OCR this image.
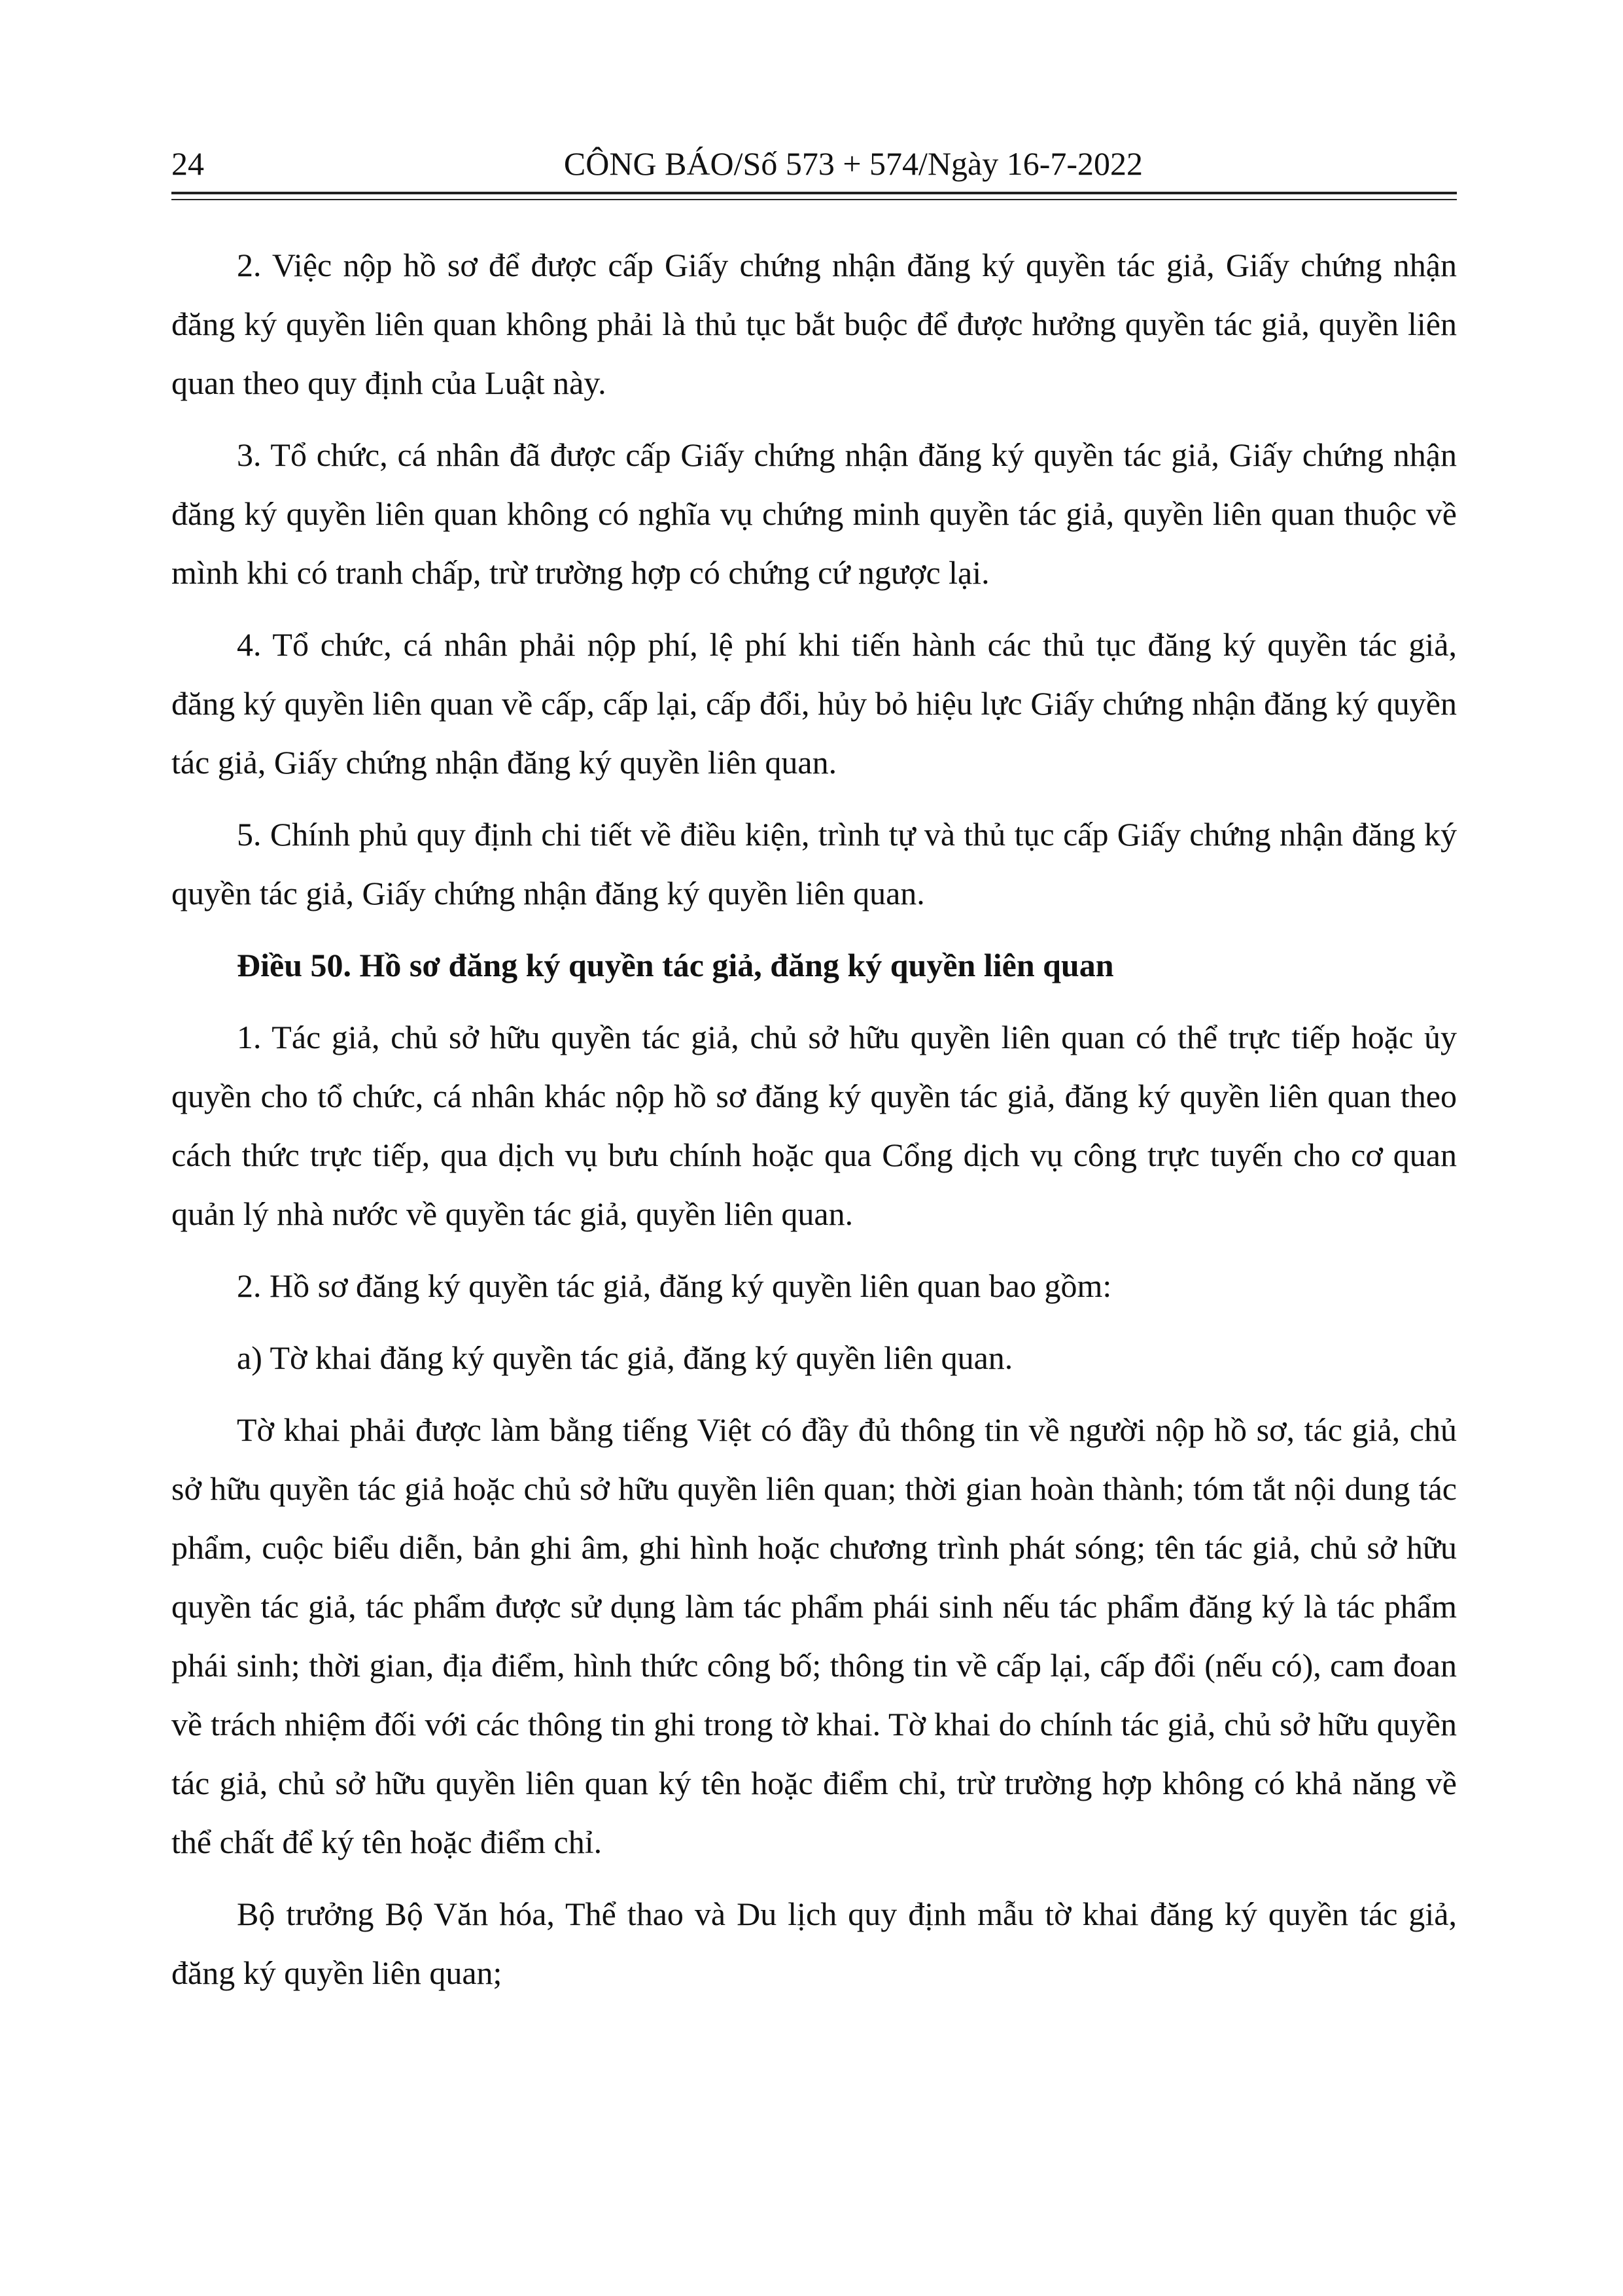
24	CÔNG BÁO/Số 573 + 574/Ngày 16-7-2022

2. Việc nộp hồ sơ để được cấp Giấy chứng nhận đăng ký quyền tác giả, Giấy chứng nhận đăng ký quyền liên quan không phải là thủ tục bắt buộc để được hưởng quyền tác giả, quyền liên quan theo quy định của Luật này.

3. Tổ chức, cá nhân đã được cấp Giấy chứng nhận đăng ký quyền tác giả, Giấy chứng nhận đăng ký quyền liên quan không có nghĩa vụ chứng minh quyền tác giả, quyền liên quan thuộc về mình khi có tranh chấp, trừ trường hợp có chứng cứ ngược lại.

4. Tổ chức, cá nhân phải nộp phí, lệ phí khi tiến hành các thủ tục đăng ký quyền tác giả, đăng ký quyền liên quan về cấp, cấp lại, cấp đổi, hủy bỏ hiệu lực Giấy chứng nhận đăng ký quyền tác giả, Giấy chứng nhận đăng ký quyền liên quan.

5. Chính phủ quy định chi tiết về điều kiện, trình tự và thủ tục cấp Giấy chứng nhận đăng ký quyền tác giả, Giấy chứng nhận đăng ký quyền liên quan.

Điều 50. Hồ sơ đăng ký quyền tác giả, đăng ký quyền liên quan

1. Tác giả, chủ sở hữu quyền tác giả, chủ sở hữu quyền liên quan có thể trực tiếp hoặc ủy quyền cho tổ chức, cá nhân khác nộp hồ sơ đăng ký quyền tác giả, đăng ký quyền liên quan theo cách thức trực tiếp, qua dịch vụ bưu chính hoặc qua Cổng dịch vụ công trực tuyến cho cơ quan quản lý nhà nước về quyền tác giả, quyền liên quan.

2. Hồ sơ đăng ký quyền tác giả, đăng ký quyền liên quan bao gồm:

a) Tờ khai đăng ký quyền tác giả, đăng ký quyền liên quan.

Tờ khai phải được làm bằng tiếng Việt có đầy đủ thông tin về người nộp hồ sơ, tác giả, chủ sở hữu quyền tác giả hoặc chủ sở hữu quyền liên quan; thời gian hoàn thành; tóm tắt nội dung tác phẩm, cuộc biểu diễn, bản ghi âm, ghi hình hoặc chương trình phát sóng; tên tác giả, chủ sở hữu quyền tác giả, tác phẩm được sử dụng làm tác phẩm phái sinh nếu tác phẩm đăng ký là tác phẩm phái sinh; thời gian, địa điểm, hình thức công bố; thông tin về cấp lại, cấp đổi (nếu có), cam đoan về trách nhiệm đối với các thông tin ghi trong tờ khai. Tờ khai do chính tác giả, chủ sở hữu quyền tác giả, chủ sở hữu quyền liên quan ký tên hoặc điểm chỉ, trừ trường hợp không có khả năng về thể chất để ký tên hoặc điểm chỉ.

Bộ trưởng Bộ Văn hóa, Thể thao và Du lịch quy định mẫu tờ khai đăng ký quyền tác giả, đăng ký quyền liên quan;
